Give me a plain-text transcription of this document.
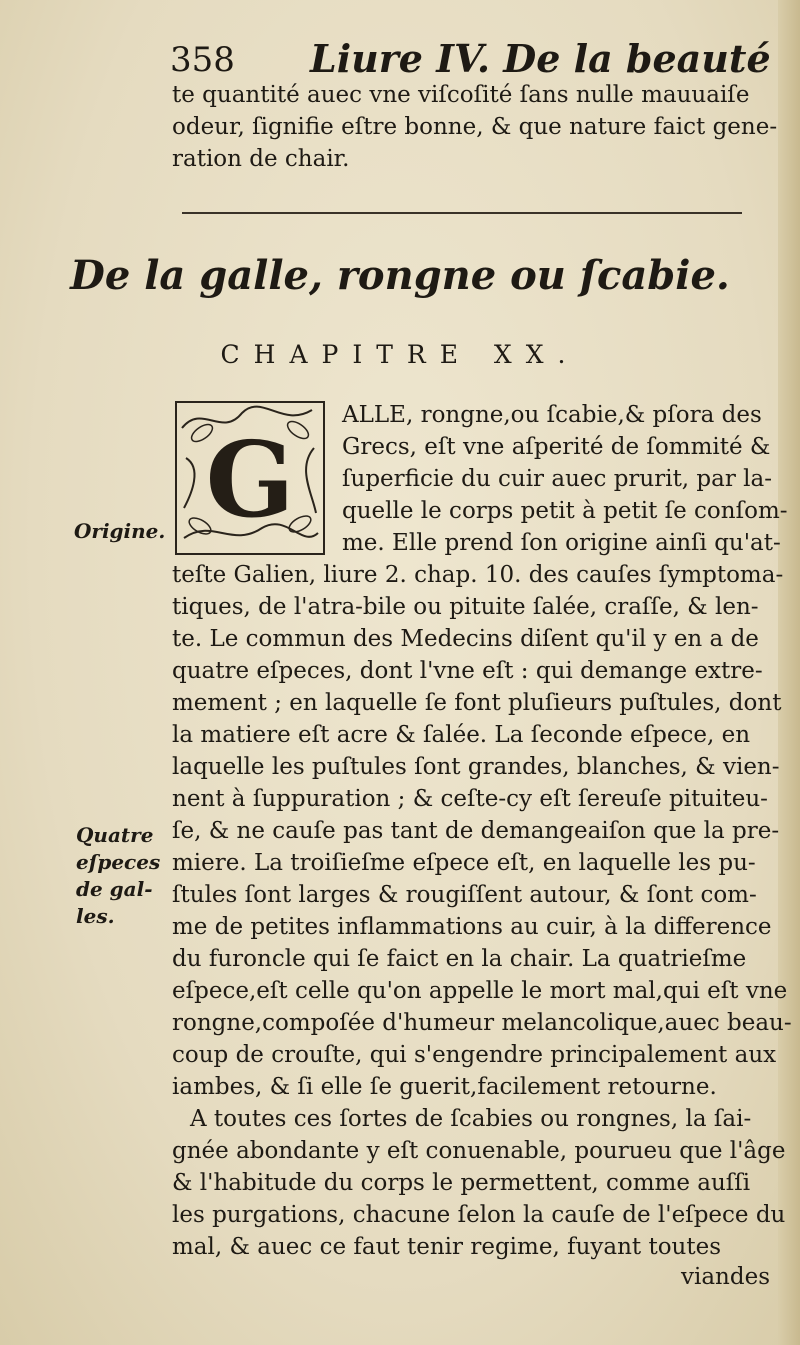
358 Liure IV. De la beauté
te quantité auec vne viſcoſité ſans nulle mauuaiſe
odeur, ſignifie eſtre bonne, & que nature faict gene-
ration de chair.
De la galle, rongne ou ſcabie.
CHAPITRE XX.
G
ALLE, rongne,ou ſcabie,& pſora des
Grecs, eſt vne aſperité de ſommité &
ſuperficie du cuir auec prurit, par la-
quelle le corps petit à petit ſe conſom-
me. Elle prend ſon origine ainſi qu'at-
teſte Galien, liure 2. chap. 10. des cauſes ſymptoma-
tiques, de l'atra-bile ou pituite ſalée, craſſe, & len-
te. Le commun des Medecins diſent qu'il y en a de
quatre eſpeces, dont l'vne eſt : qui demange extre-
mement ; en laquelle ſe font pluſieurs puſtules, dont
la matiere eſt acre & ſalée. La ſeconde eſpece, en
laquelle les puſtules ſont grandes, blanches, & vien-
nent à ſuppuration ; & ceſte-cy eſt ſereuſe pituiteu-
ſe, & ne cauſe pas tant de demangeaiſon que la pre-
miere. La troiſieſme eſpece eſt, en laquelle les pu-
ſtules ſont larges & rougiſſent autour, & ſont com-
me de petites inflammations au cuir, à la difference
du furoncle qui ſe faict en la chair. La quatrieſme
eſpece,eſt celle qu'on appelle le mort mal,qui eſt vne
rongne,compoſée d'humeur melancolique,auec beau-
coup de crouſte, qui s'engendre principalement aux
iambes, & ſi elle ſe guerit,facilement retourne.
A toutes ces ſortes de ſcabies ou rongnes, la ſai-
gnée abondante y eſt conuenable, pourueu que l'âge
& l'habitude du corps le permettent, comme auſſi
les purgations, chacune ſelon la cauſe de l'eſpece du
mal, & auec ce faut tenir regime, fuyant toutes
viandes
Origine.
Quatre
eſpeces
de gal-
les.
